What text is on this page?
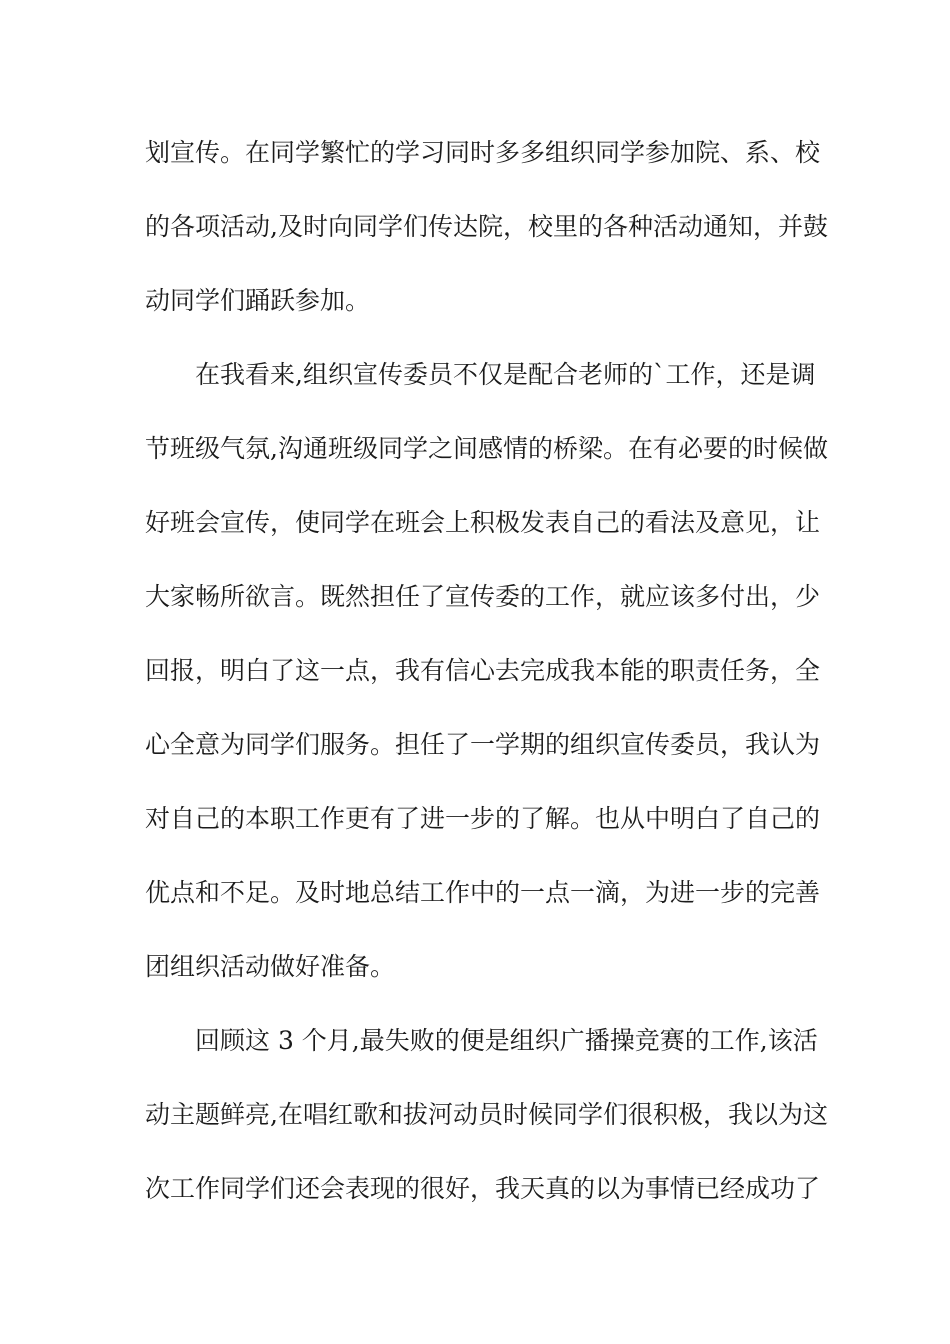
划宣传。在同学繁忙的学习同时多多组织同学参加院、系、校
的各项活动,及时向同学们传达院，校里的各种活动通知，并鼓
动同学们踊跃参加。
在我看来,组织宣传委员不仅是配合老师的`工作，还是调
节班级气氛,沟通班级同学之间感情的桥梁。在有必要的时候做
好班会宣传，使同学在班会上积极发表自己的看法及意见，让
大家畅所欲言。既然担任了宣传委的工作，就应该多付出，少
回报，明白了这一点，我有信心去完成我本能的职责任务，全
心全意为同学们服务。担任了一学期的组织宣传委员，我认为
对自己的本职工作更有了进一步的了解。也从中明白了自己的
优点和不足。及时地总结工作中的一点一滴，为进一步的完善
团组织活动做好准备。
回顾这 3 个月,最失败的便是组织广播操竞赛的工作,该活
动主题鲜亮,在唱红歌和拔河动员时候同学们很积极，我以为这
次工作同学们还会表现的很好，我天真的以为事情已经成功了
